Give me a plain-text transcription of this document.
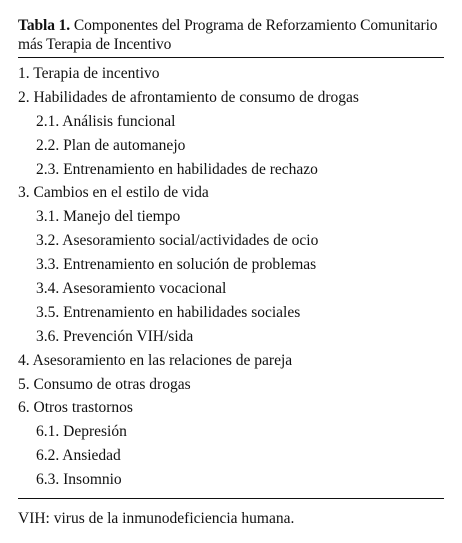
Tabla 1. Componentes del Programa de Reforzamiento Comunitario más Terapia de Incentivo

1. Terapia de incentivo
2. Habilidades de afrontamiento de consumo de drogas
2.1. Análisis funcional
2.2. Plan de automanejo
2.3. Entrenamiento en habilidades de rechazo
3. Cambios en el estilo de vida
3.1. Manejo del tiempo
3.2. Asesoramiento social/actividades de ocio
3.3. Entrenamiento en solución de problemas
3.4. Asesoramiento vocacional
3.5. Entrenamiento en habilidades sociales
3.6. Prevención VIH/sida
4. Asesoramiento en las relaciones de pareja
5. Consumo de otras drogas
6. Otros trastornos
6.1. Depresión
6.2. Ansiedad
6.3. Insomnio
VIH: virus de la inmunodeficiencia humana.
